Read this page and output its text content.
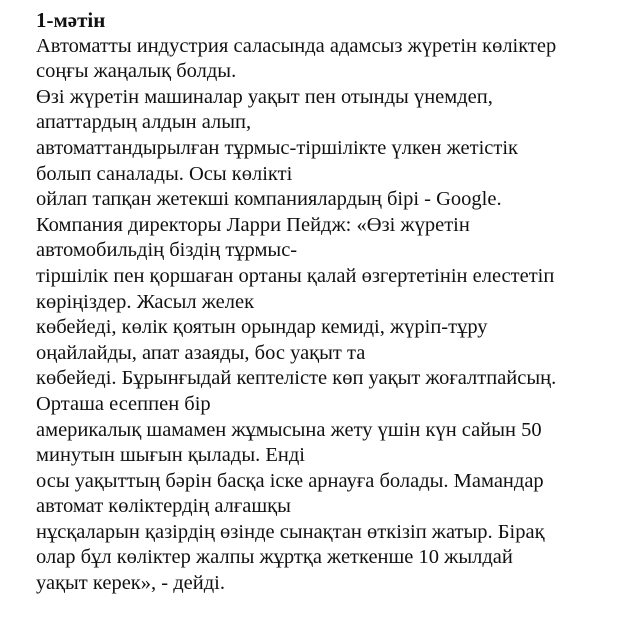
1-мәтін

Автоматты индустрия саласында адамсыз жүретін көліктер

соңғы жаңалық болды.

Өзі жүретін машиналар уақыт пен отынды үнемдеп,

апаттардың алдын алып,

автоматтандырылған тұрмыс-тіршілікте үлкен жетістік

болып саналады. Осы көлікті

ойлап тапқан жетекші компаниялардың бірі - Google.

Компания директоры Ларри Пейдж: «Өзі жүретін

автомобильдің біздің тұрмыс-

тіршілік пен қоршаған ортаны қалай өзгертетінін елестетіп

көріңіздер. Жасыл желек

көбейеді, көлік қоятын орындар кемиді, жүріп-тұру

оңайлайды, апат азаяды, бос уақыт та

көбейеді. Бұрынғыдай кептелісте көп уақыт жоғалтпайсың.

Орташа есеппен бір

америкалық шамамен жұмысына жету үшін күн сайын 50

минутын шығын қылады. Енді

осы уақыттың бәрін басқа іске арнауға болады. Мамандар

автомат көліктердің алғашқы

нұсқаларын қазірдің өзінде сынақтан өткізіп жатыр. Бірақ

олар бұл көліктер жалпы жұртқа жеткенше 10 жылдай

уақыт керек», - дейді.
